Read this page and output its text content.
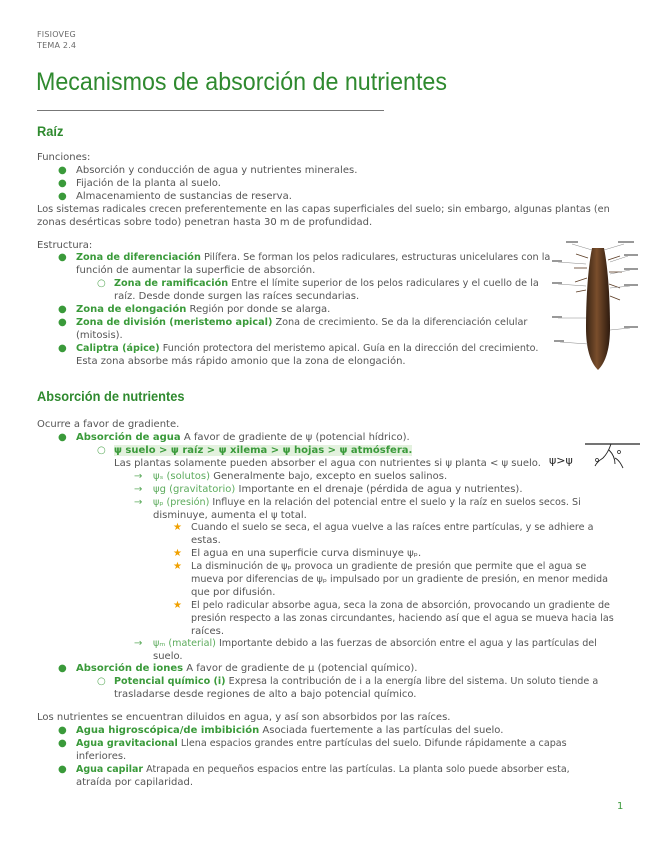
FISIOVEG
TEMA 2.4
Mecanismos de absorción de nutrientes
Raíz
Funciones:
● Absorción y conducción de agua y nutrientes minerales.
● Fijación de la planta al suelo.
● Almacenamiento de sustancias de reserva.
Los sistemas radicales crecen preferentemente en las capas superficiales del suelo; sin embargo, algunas plantas (en
zonas desérticas sobre todo) penetran hasta 30 m de profundidad.
Estructura:
● Zona de diferenciación Pilífera. Se forman los pelos radiculares, estructuras unicelulares con la
función de aumentar la superficie de absorción.
○ Zona de ramificación Entre el límite superior de los pelos radiculares y el cuello de la
raíz. Desde donde surgen las raíces secundarias.
● Zona de elongación Región por donde se alarga.
● Zona de división (meristemo apical) Zona de crecimiento. Se da la diferenciación celular
(mitosis).
● Caliptra (ápice) Función protectora del meristemo apical. Guía en la dirección del crecimiento.
Esta zona absorbe más rápido amonio que la zona de elongación.
Absorción de nutrientes
Ocurre a favor de gradiente.
● Absorción de agua A favor de gradiente de ψ (potencial hídrico).
○ ψ suelo > ψ raíz > ψ xilema > ψ hojas > ψ atmósfera.
Las plantas solamente pueden absorber el agua con nutrientes si ψ planta < ψ suelo. ψ>ψ
→ ψₛ (solutos) Generalmente bajo, excepto en suelos salinos.
→ ψg (gravitatorio) Importante en el drenaje (pérdida de agua y nutrientes).
→ ψₚ (presión) Influye en la relación del potencial entre el suelo y la raíz en suelos secos. Si
disminuye, aumenta el ψ total.
★ Cuando el suelo se seca, el agua vuelve a las raíces entre partículas, y se adhiere a
estas.
★ El agua en una superficie curva disminuye ψₚ.
★ La disminución de ψₚ provoca un gradiente de presión que permite que el agua se
mueva por diferencias de ψₚ impulsado por un gradiente de presión, en menor medida
que por difusión.
★ El pelo radicular absorbe agua, seca la zona de absorción, provocando un gradiente de
presión respecto a las zonas circundantes, haciendo así que el agua se mueva hacia las
raíces.
→ ψₘ (material) Importante debido a las fuerzas de absorción entre el agua y las partículas del
suelo.
● Absorción de iones A favor de gradiente de μ (potencial químico).
○ Potencial químico (i) Expresa la contribución de i a la energía libre del sistema. Un soluto tiende a
trasladarse desde regiones de alto a bajo potencial químico.
Los nutrientes se encuentran diluidos en agua, y así son absorbidos por las raíces.
● Agua higroscópica/de imbibición Asociada fuertemente a las partículas del suelo.
● Agua gravitacional Llena espacios grandes entre partículas del suelo. Difunde rápidamente a capas
inferiores.
● Agua capilar Atrapada en pequeños espacios entre las partículas. La planta solo puede absorber esta,
atraída por capilaridad.
1
